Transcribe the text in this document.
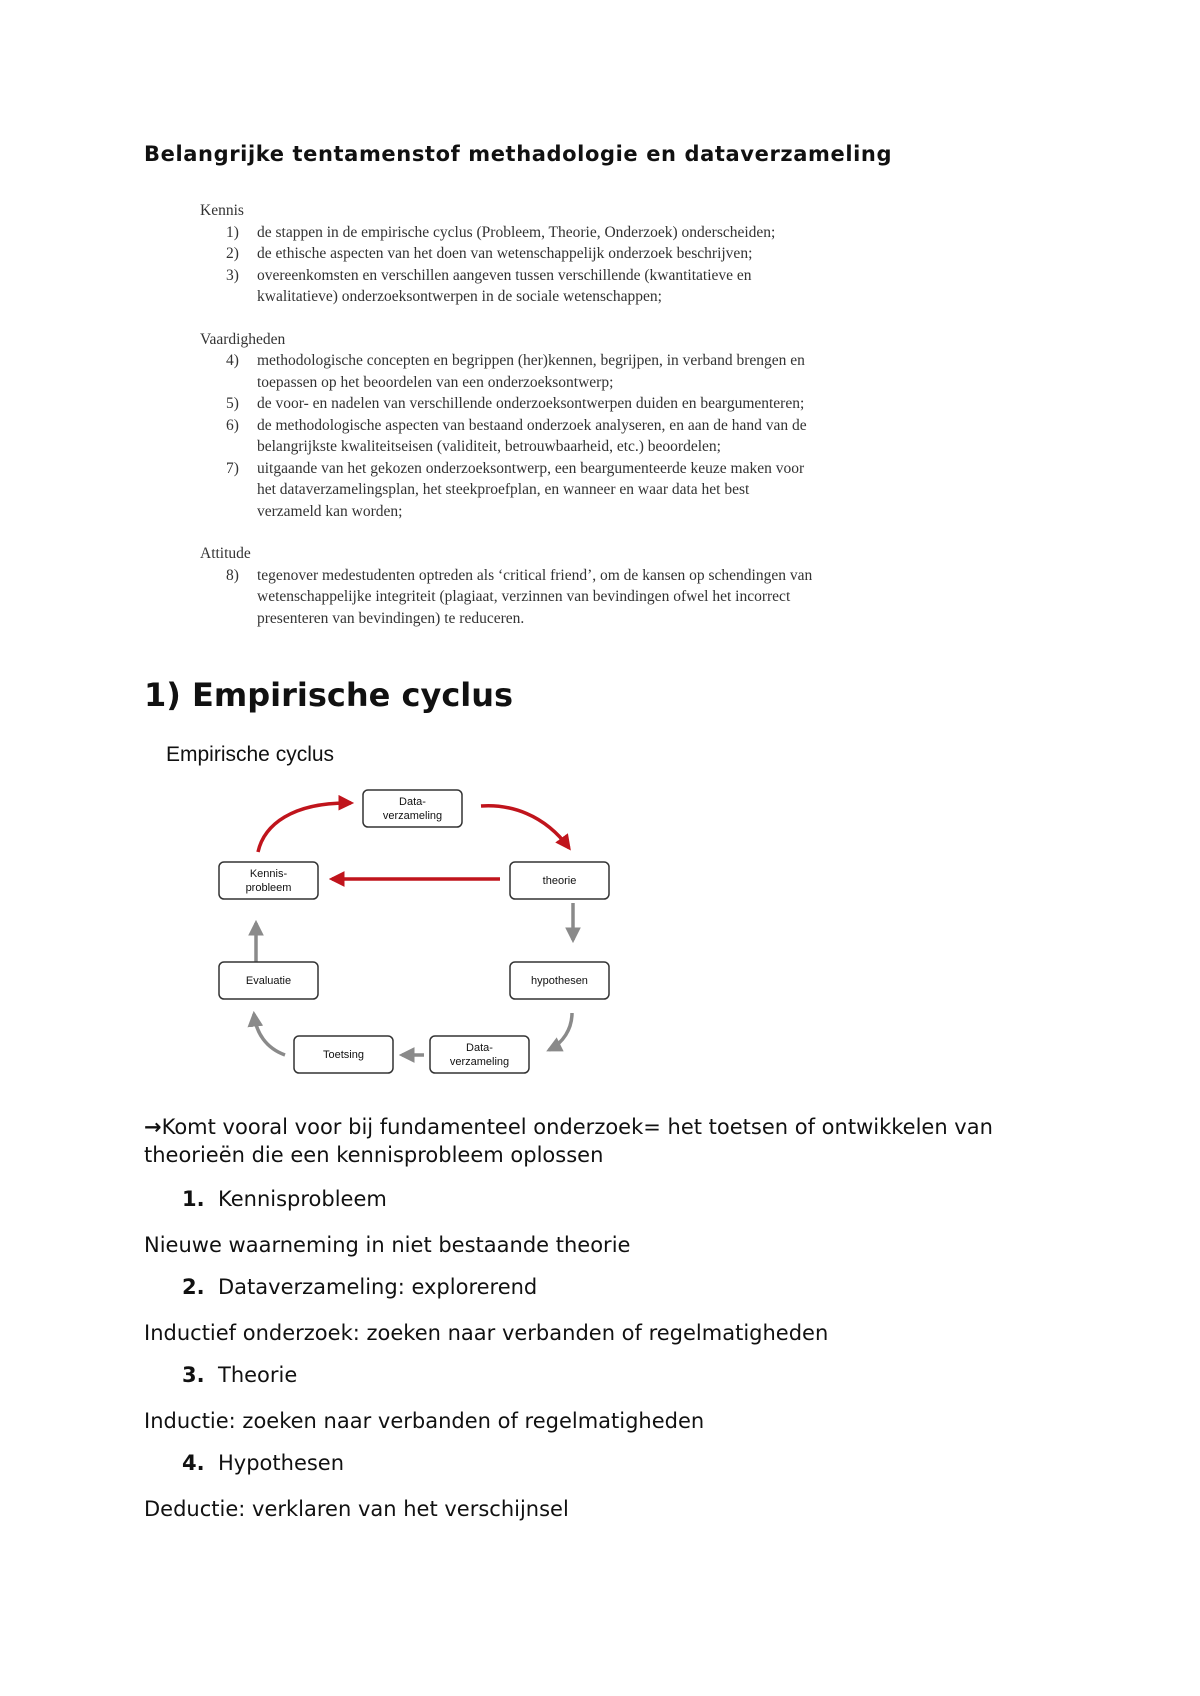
Belangrijke tentamenstof methadologie en dataverzameling

Kennis

1) de stappen in de empirische cyclus (Probleem, Theorie, Onderzoek) onderscheiden;
2) de ethische aspecten van het doen van wetenschappelijk onderzoek beschrijven;
3) overeenkomsten en verschillen aangeven tussen verschillende (kwantitatieve en
kwalitatieve) onderzoeksontwerpen in de sociale wetenschappen;

Vaardigheden

4) methodologische concepten en begrippen (her)kennen, begrijpen, in verband brengen en
toepassen op het beoordelen van een onderzoeksontwerp;
5) de voor- en nadelen van verschillende onderzoeksontwerpen duiden en beargumenteren;
6) de methodologische aspecten van bestaand onderzoek analyseren, en aan de hand van de
belangrijkste kwaliteitseisen (validiteit, betrouwbaarheid, etc.) beoordelen;
7) uitgaande van het gekozen onderzoeksontwerp, een beargumenteerde keuze maken voor
het dataverzamelingsplan, het steekproefplan, en wanneer en waar data het best
verzameld kan worden;

Attitude

8) tegenover medestudenten optreden als ‘critical friend’, om de kansen op schendingen van
wetenschappelijke integriteit (plagiaat, verzinnen van bevindingen ofwel het incorrect
presenteren van bevindingen) te reduceren.
1) Empirische cyclus
Empirische cyclus
Data-
verzameling
Kennis-
probleem
theorie
Evaluatie	hypothesen
Toetsing
Data-
verzameling
→Komt vooral voor bij fundamenteel onderzoek= het toetsen of ontwikkelen van
theorieën die een kennisprobleem oplossen
1. Kennisprobleem
Nieuwe waarneming in niet bestaande theorie
2. Dataverzameling: explorerend
Inductief onderzoek: zoeken naar verbanden of regelmatigheden
3. Theorie
Inductie: zoeken naar verbanden of regelmatigheden
4. Hypothesen
Deductie: verklaren van het verschijnsel
